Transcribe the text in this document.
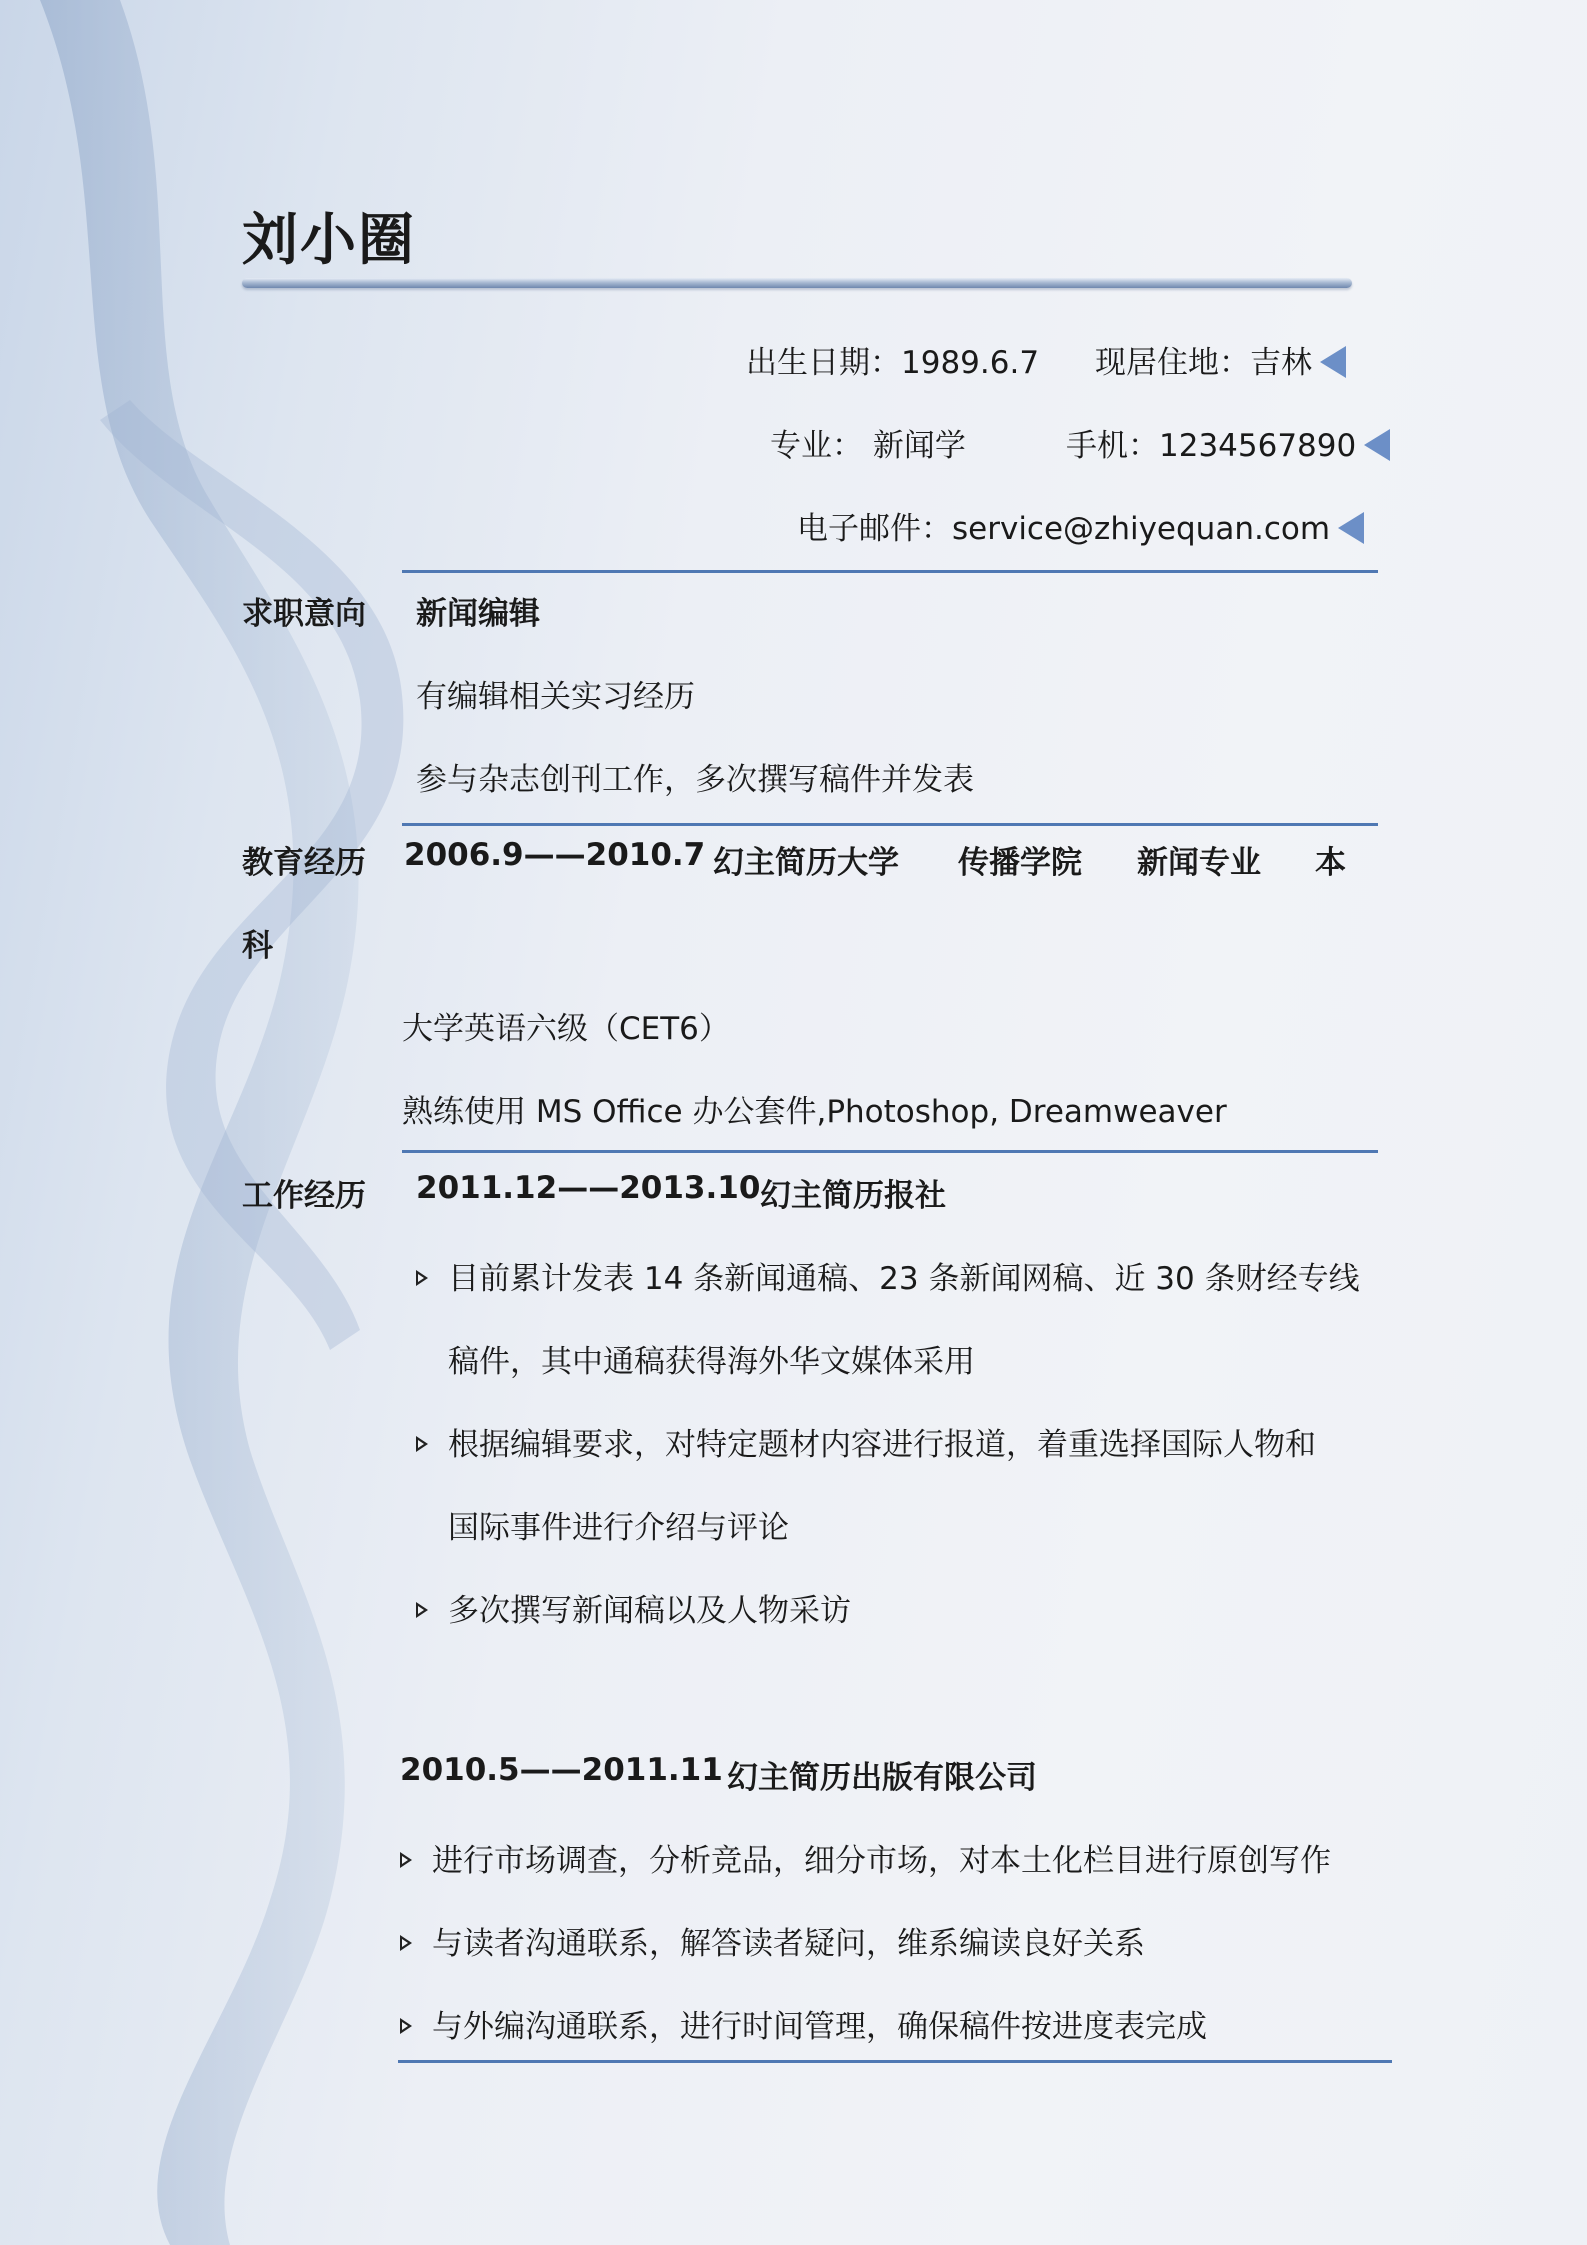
刘小圈
出生日期：1989.6.7 现居住地：吉林
专业： 新闻学	手机：1234567890
电子邮件：service@zhiyequan.com
求职意向 新闻编辑
有编辑相关实习经历
参与杂志创刊工作，多次撰写稿件并发表
教育经历 2006.9——2010.7 幻主简历大学 传播学院 新闻专业 本
科
大学英语六级（CET6）
熟练使用 MS Office 办公套件,Photoshop, Dreamweaver
工作经历 2011.12——2013.10 幻主简历报社
目前累计发表 14 条新闻通稿、23 条新闻网稿、近 30 条财经专线
稿件，其中通稿获得海外华文媒体采用
根据编辑要求，对特定题材内容进行报道，着重选择国际人物和
国际事件进行介绍与评论
多次撰写新闻稿以及人物采访
2010.5——2011.11 幻主简历出版有限公司
进行市场调查，分析竞品，细分市场，对本土化栏目进行原创写作
与读者沟通联系，解答读者疑问，维系编读良好关系
与外编沟通联系，进行时间管理，确保稿件按进度表完成
